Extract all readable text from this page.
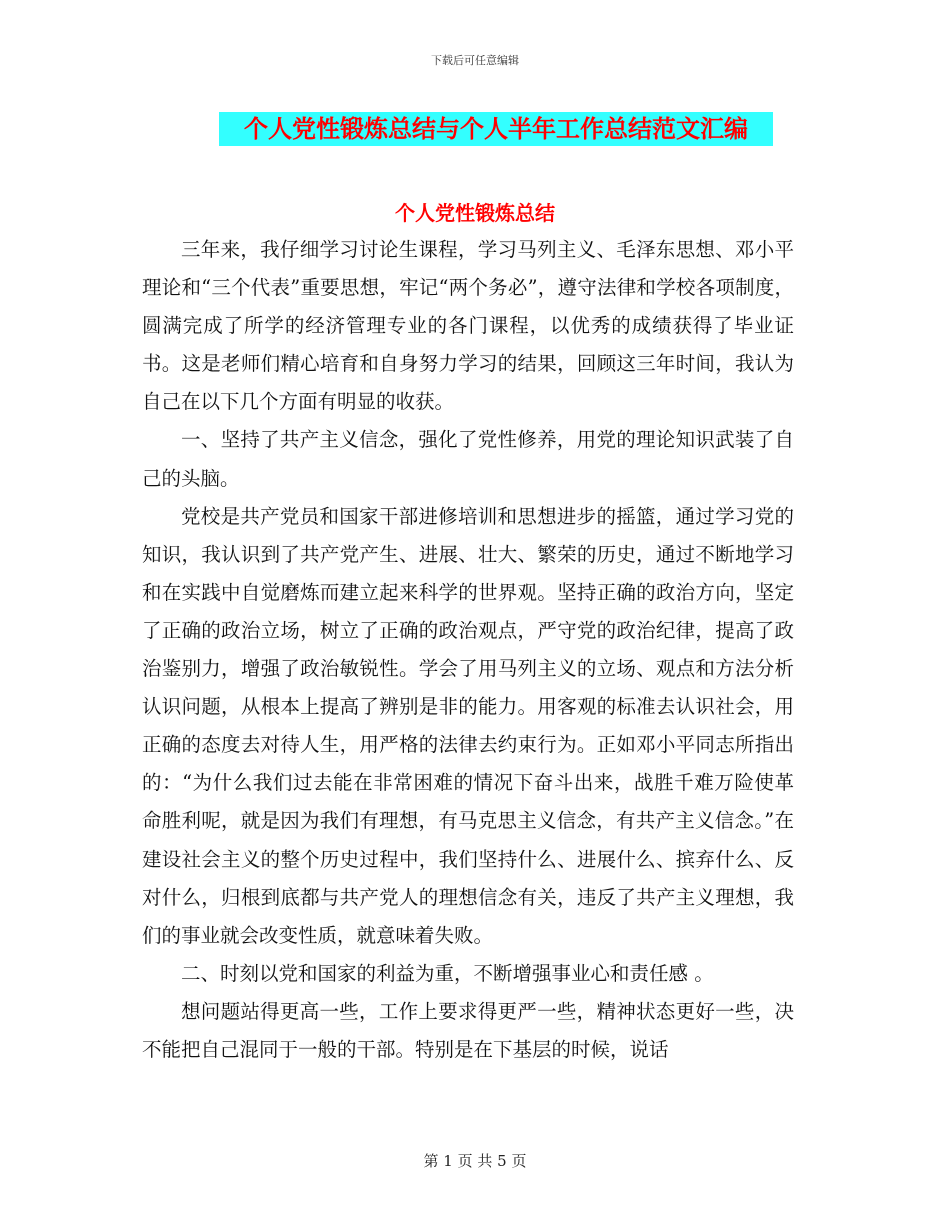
下载后可任意编辑
个人党性锻炼总结与个人半年工作总结范文汇编
个人党性锻炼总结

三年来，我仔细学习讨论生课程，学习马列主义、毛泽东思想、邓小平理论和“三个代表”重要思想，牢记“两个务必”，遵守法律和学校各项制度，圆满完成了所学的经济管理专业的各门课程，以优秀的成绩获得了毕业证书。这是老师们精心培育和自身努力学习的结果，回顾这三年时间，我认为自己在以下几个方面有明显的收获。

一、坚持了共产主义信念，强化了党性修养，用党的理论知识武装了自己的头脑。

党校是共产党员和国家干部进修培训和思想进步的摇篮，通过学习党的知识，我认识到了共产党产生、进展、壮大、繁荣的历史，通过不断地学习和在实践中自觉磨炼而建立起来科学的世界观。坚持正确的政治方向，坚定了正确的政治立场，树立了正确的政治观点，严守党的政治纪律，提高了政治鉴别力，增强了政治敏锐性。学会了用马列主义的立场、观点和方法分析认识问题，从根本上提高了辨别是非的能力。用客观的标准去认识社会，用正确的态度去对待人生，用严格的法律去约束行为。正如邓小平同志所指出的：“为什么我们过去能在非常困难的情况下奋斗出来，战胜千难万险使革命胜利呢，就是因为我们有理想，有马克思主义信念，有共产主义信念。”在建设社会主义的整个历史过程中，我们坚持什么、进展什么、摈弃什么、反对什么，归根到底都与共产党人的理想信念有关，违反了共产主义理想，我们的事业就会改变性质，就意味着失败。

二、时刻以党和国家的利益为重，不断增强事业心和责任感 。

想问题站得更高一些，工作上要求得更严一些，精神状态更好一些，决不能把自己混同于一般的干部。特别是在下基层的时候，说话

第 1 页 共 5 页
